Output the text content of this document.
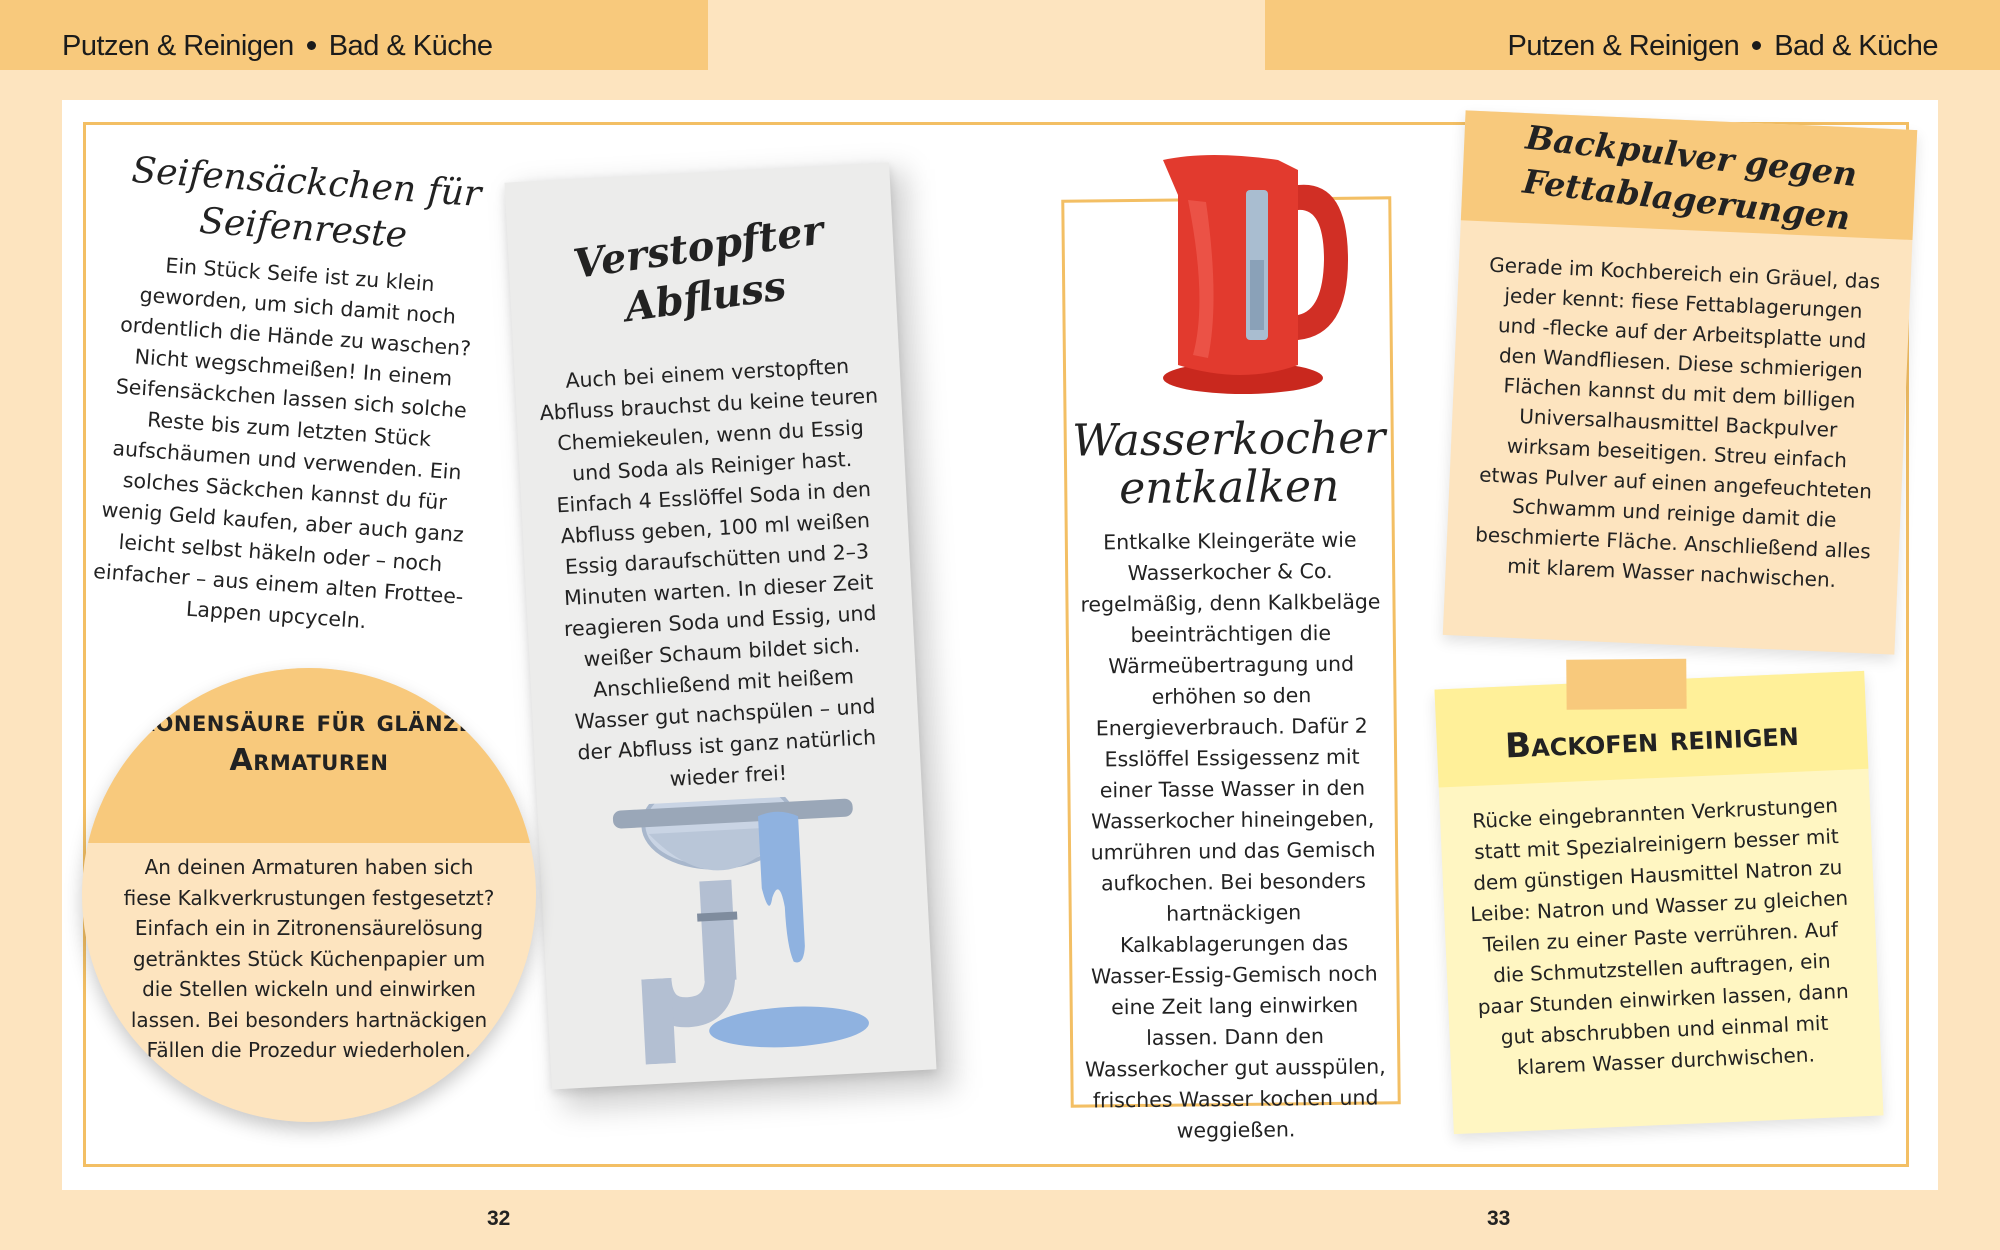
Putzen & Reinigen Bad & Küche	Putzen & Reinigen Bad & Küche
Seifensäckchen für Seifenreste

Ein Stück Seife ist zu klein geworden, um sich damit noch ordentlich die Hände zu waschen? Nicht wegschmeißen! In einem Seifensäckchen lassen sich solche Reste bis zum letzten Stück aufschäumen und verwenden. Ein solches Säckchen kannst du für wenig Geld kaufen, aber auch ganz leicht selbst häkeln oder – noch einfacher – aus einem alten Frottee-Lappen upcyceln.

Verstopfter Abfluss

Auch bei einem verstopften Abfluss brauchst du keine teuren Chemiekeulen, wenn du Essig und Soda als Reiniger hast. Einfach 4 Esslöffel Soda in den Abfluss geben, 100 ml weißen Essig daraufschütten und 2–3 Minuten warten. In dieser Zeit reagieren Soda und Essig, und weißer Schaum bildet sich. Anschließend mit heißem Wasser gut nachspülen – und der Abfluss ist ganz natürlich wieder frei!

Wasserkocher entkalken

Entkalke Kleingeräte wie Wasserkocher & Co. regelmäßig, denn Kalkbeläge beeinträchtigen die Wärmeübertragung und erhöhen so den Energieverbrauch. Dafür 2 Esslöffel Essigessenz mit einer Tasse Wasser in den Wasserkocher hineingeben, umrühren und das Gemisch aufkochen. Bei besonders hartnäckigen Kalkablagerungen das Wasser-Essig-Gemisch noch eine Zeit lang einwirken lassen. Dann den Wasserkocher gut ausspülen, frisches Wasser kochen und weggießen.

Backpulver gegen Fettablagerungen

Gerade im Kochbereich ein Gräuel, das jeder kennt: fiese Fettablagerungen und -flecke auf der Arbeitsplatte und den Wandfliesen. Diese schmierigen Flächen kannst du mit dem billigen Universalhausmittel Backpulver wirksam beseitigen. Streu einfach etwas Pulver auf einen angefeuchteten Schwamm und reinige damit die beschmierte Fläche. Anschließend alles mit klarem Wasser nachwischen.

Backofen reinigen

Rücke eingebrannten Verkrustungen statt mit Spezialreinigern besser mit dem günstigen Hausmittel Natron zu Leibe: Natron und Wasser zu gleichen Teilen zu einer Paste verrühren. Auf die Schmutzstellen auftragen, ein paar Stunden einwirken lassen, dann gut abschrubben und einmal mit klarem Wasser durchwischen.

Zitronensäure für glänzende Armaturen

An deinen Armaturen haben sich fiese Kalkverkrustungen festgesetzt? Einfach ein in Zitronensäurelösung getränktes Stück Küchenpapier um die Stellen wickeln und einwirken lassen. Bei besonders hartnäckigen Fällen die Prozedur wiederholen.

32	33
